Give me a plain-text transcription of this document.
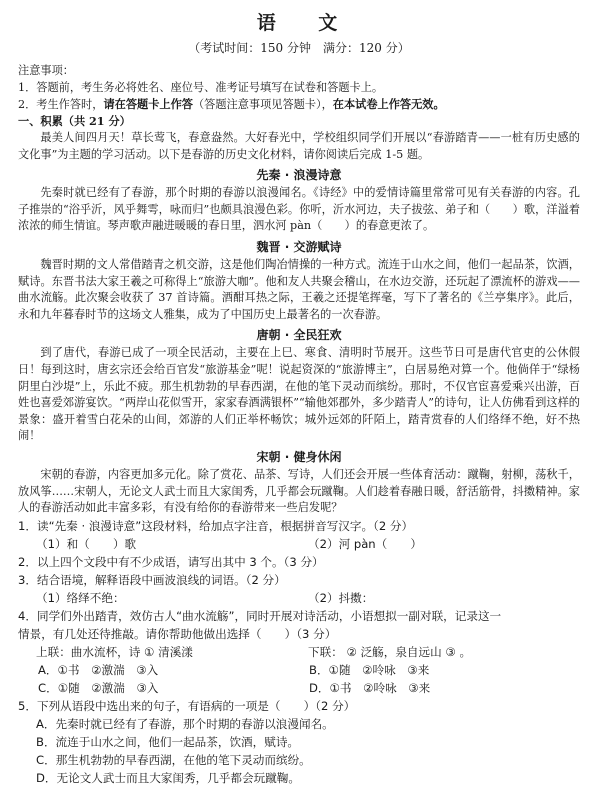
语 文
（考试时间：150 分钟　满分：120 分）
注意事项：
1．答题前，考生务必将姓名、座位号、准考证号填写在试卷和答题卡上。
2．考生作答时，请在答题卡上作答（答题注意事项见答题卡），在本试卷上作答无效。
一、积累（共 21 分）

最美人间四月天！草长莺飞，春意盎然。大好春光中，学校组织同学们开展以“春游踏青——一桩有历史感的文化事”为主题的学习活动。以下是春游的历史文化材料，请你阅读后完成 1-5 题。

先秦 · 浪漫诗意

先秦时就已经有了春游，那个时期的春游以浪漫闻名。《诗经》中的爱情诗篇里常常可见有关春游的内容。孔子推崇的“浴乎沂，风乎舞雩，咏而归”也颇具浪漫色彩。你听，沂水河边，夫子拔弦、弟子和（　　）歌，洋溢着浓浓的师生情谊。琴声歌声融进暖暖的春日里，泗水河 pàn（　　）的春意更浓了。

魏晋 · 交游赋诗

魏晋时期的文人常借踏青之机交游，这是他们陶冶情操的一种方式。流连于山水之间，他们一起品茶，饮酒，赋诗。东晋书法大家王羲之可称得上“旅游大咖”。他和友人共聚会稽山，在水边交游，还玩起了漂流杯的游戏——曲水流觞。此次聚会收获了 37 首诗篇。酒酣耳热之际，王羲之还提笔挥毫，写下了著名的《兰亭集序》。此后，永和九年暮春时节的这场文人雅集，成为了中国历史上最著名的一次春游。

唐朝 · 全民狂欢

到了唐代，春游已成了一项全民活动，主要在上巳、寒食、清明时节展开。这些节日可是唐代官吏的公休假日！每到这时，唐玄宗还会给百官发“旅游基金”呢！说起资深的“旅游博主”，白居易绝对算一个。他倘佯于“绿杨阴里白沙堤”上，乐此不疲。那生机勃勃的早春西湖，在他的笔下灵动而缤纷。那时，不仅官宦喜爱乘兴出游，百姓也喜爱郊游宴饮。“两岸山花似雪开，家家春酒满银杯”“输他郊郡外，多少踏青人”的诗句，让人仿佛看到这样的景象：盛开着雪白花朵的山间，郊游的人们正举杯畅饮；城外远郊的阡陌上，踏青赏春的人们络绎不绝，好不热闹！

宋朝 · 健身休闲

宋朝的春游，内容更加多元化。除了赏花、品茶、写诗，人们还会开展一些体育活动：蹴鞠，射柳，荡秋千，放风筝……宋朝人，无论文人武士而且大家闺秀，几乎都会玩蹴鞠。人们趁着春融日暖，舒活筋骨，抖擞精神。家人的春游活动如此丰富多彩，有没有给你的春游带来一些启发呢？

1．读“先秦 · 浪漫诗意”这段材料，给加点字注音，根据拼音写汉字。（2 分）
（1）和（　　）歌	（2）河 pàn（　　）
2．以上四个文段中有不少成语，请写出其中 3 个。（3 分）
3．结合语境，解释语段中画波浪线的词语。（2 分）
（1）络绎不绝：	（2）抖擞：
4．同学们外出踏青，效仿古人“曲水流觞”，同时开展对诗活动，小语想拟一副对联，记录这一
情景，有几处还待推敲。请你帮助他做出选择（　　）（3 分）
上联：曲水流杯，诗 ① 清溪漾	下联： ② 泛觞，泉自远山 ③ 。
A．①书　②激湍　③入	B．①随　②呤咏　③来
C．①随　②激湍　③入	D．①书　②呤咏　③来
5．下列从语段中选出来的句子，有语病的一项是（　　）（2 分）
A．先秦时就已经有了春游，那个时期的春游以浪漫闻名。
B．流连于山水之间，他们一起品茶，饮酒，赋诗。
C．那生机勃勃的早春西湖，在他的笔下灵动而缤纷。
D．无论文人武士而且大家闺秀，几乎都会玩蹴鞠。
